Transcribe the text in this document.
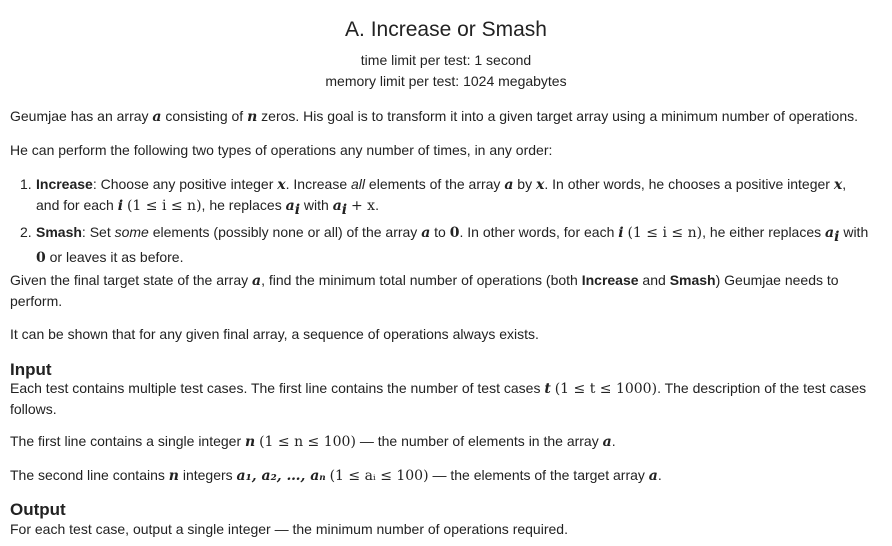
A. Increase or Smash
time limit per test: 1 second
memory limit per test: 1024 megabytes

Geumjae has an array a consisting of n zeros. His goal is to transform it into a given target array using a minimum number of operations.

He can perform the following two types of operations any number of times, in any order:

1. Increase: Choose any positive integer x. Increase all elements of the array a by x. In other words, he chooses a positive integer x,
and for each i (1 ≤ i ≤ n), he replaces $a_i$ with $a_i + x$.
2. Smash: Set some elements (possibly none or all) of the array a to 0. In other words, for each i (1 ≤ i ≤ n), he either replaces $a_i$ with
0 or leaves it as before.

Given the final target state of the array a, find the minimum total number of operations (both Increase and Smash) Geumjae needs to
perform.

It can be shown that for any given final array, a sequence of operations always exists.

Input

Each test contains multiple test cases. The first line contains the number of test cases t (1 ≤ t ≤ 1000). The description of the test cases
follows.

The first line contains a single integer n (1 ≤ n ≤ 100) — the number of elements in the array a.

The second line contains n integers a₁, a₂, …, aₙ (1 ≤ aᵢ ≤ 100) — the elements of the target array a.

Output

For each test case, output a single integer — the minimum number of operations required.
